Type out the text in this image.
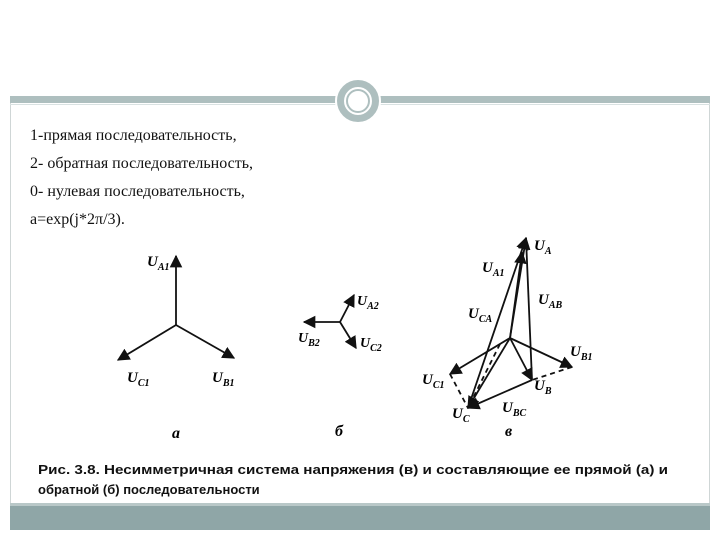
1-прямая последовательность,
2- обратная последовательность,
0- нулевая последовательность,
a=exp(j*2π/3).
$U_{A1}$
$U_{B1}$
$U_{C1}$
а
$U_{A2}$
$U_{B2}$	$U_{C2}$
б
$U_A$
$U_{A1}$
$U_{AB}$
$U_{CA}$
$U_{B1}$
$U_{C1}$	$U_B$
$U_C$
$U_{BC}$
в
Рис. 3.8. Несимметричная система напряжения (в) и составляющие ее прямой (а) и
обратной (б) последовательности
